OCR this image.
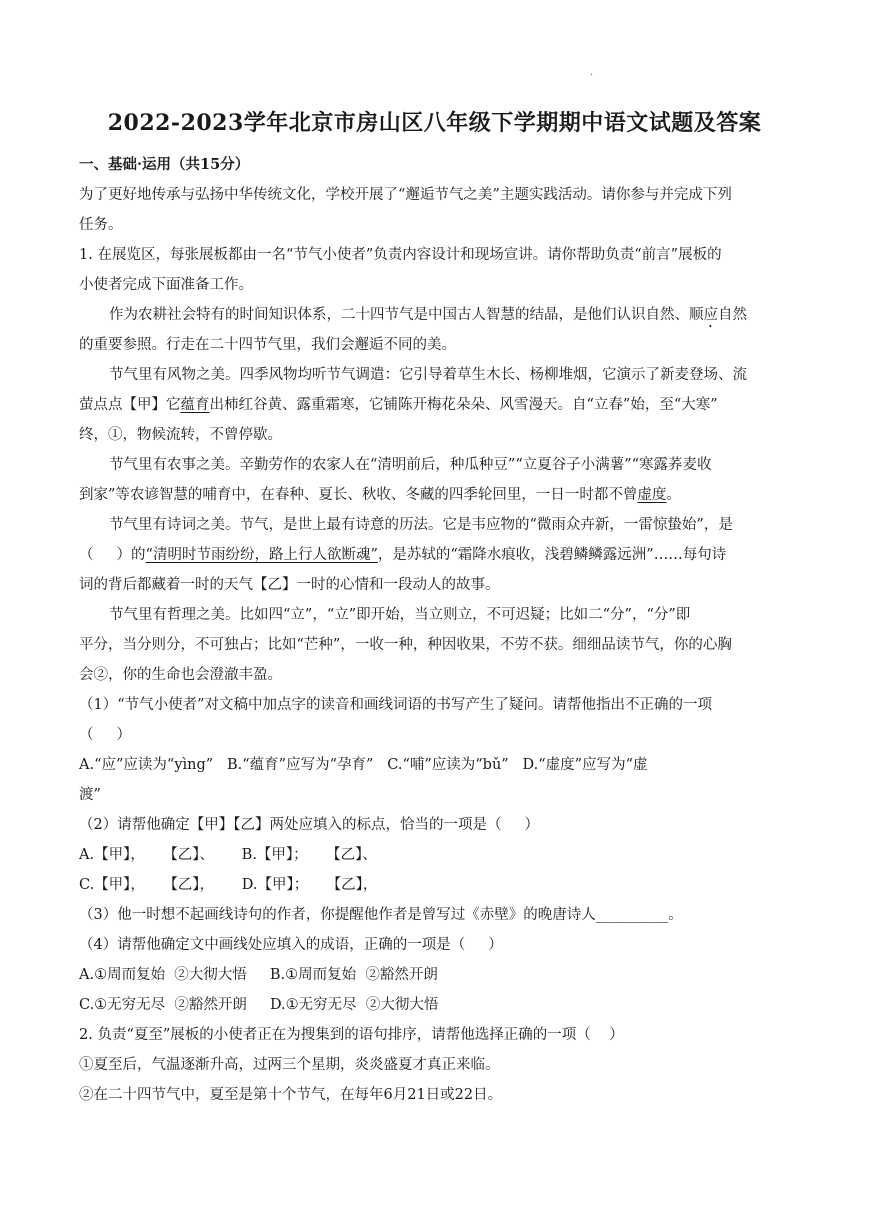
·
2022-2023学年北京市房山区八年级下学期期中语文试题及答案
一、基础·运用（共15分）
为了更好地传承与弘扬中华传统文化，学校开展了“邂逅节气之美”主题实践活动。请你参与并完成下列
任务。
1. 在展览区，每张展板都由一名“节气小使者”负责内容设计和现场宣讲。请你帮助负责“前言”展板的
小使者完成下面准备工作。
作为农耕社会特有的时间知识体系，二十四节气是中国古人智慧的结晶，是他们认识自然、顺应自然
的重要参照。行走在二十四节气里，我们会邂逅不同的美。
节气里有风物之美。四季风物均听节气调遣：它引导着草生木长、杨柳堆烟，它演示了新麦登场、流
萤点点【甲】它蕴育出柿红谷黄、露重霜寒，它铺陈开梅花朵朵、风雪漫天。自“立春”始，至“大寒”
终，①，物候流转，不曾停歇。
节气里有农事之美。辛勤劳作的农家人在“清明前后，种瓜种豆”“立夏谷子小满薯”“寒露荞麦收
到家”等农谚智慧的哺育中，在春种、夏长、秋收、冬藏的四季轮回里，一日一时都不曾虚度。
节气里有诗词之美。节气，是世上最有诗意的历法。它是韦应物的“微雨众卉新，一雷惊蛰始”，是
（     ）的“清明时节雨纷纷，路上行人欲断魂”，是苏轼的“霜降水痕收，浅碧鳞鳞露远洲”……每句诗
词的背后都藏着一时的天气【乙】一时的心情和一段动人的故事。
节气里有哲理之美。比如四“立”，“立”即开始，当立则立，不可迟疑；比如二“分”，“分”即
平分，当分则分，不可独占；比如“芒种”，一收一种，种因收果，不劳不获。细细品读节气，你的心胸
会②，你的生命也会澄澈丰盈。
（1）“节气小使者”对文稿中加点字的读音和画线词语的书写产生了疑问。请帮他指出不正确的一项
（     ）
A.“应”应读为“yìng”   B.“蕴育”应写为“孕育”   C.“哺”应读为“bǔ”   D.“虚度”应写为“虚
渡”
（2）请帮他确定【甲】【乙】两处应填入的标点，恰当的一项是（     ）
A.【甲】，    【乙】、      B.【甲】；    【乙】、
C.【甲】，    【乙】，      D.【甲】；    【乙】，
（3）他一时想不起画线诗句的作者，你提醒他作者是曾写过《赤壁》的晚唐诗人__________。
（4）请帮他确定文中画线处应填入的成语，正确的一项是（     ）
A.①周而复始  ②大彻大悟     B.①周而复始  ②豁然开朗
C.①无穷无尽  ②豁然开朗     D.①无穷无尽  ②大彻大悟
2. 负责“夏至”展板的小使者正在为搜集到的语句排序，请帮他选择正确的一项（    ）
①夏至后，气温逐渐升高，过两三个星期，炎炎盛夏才真正来临。
②在二十四节气中，夏至是第十个节气，在每年6月21日或22日。
